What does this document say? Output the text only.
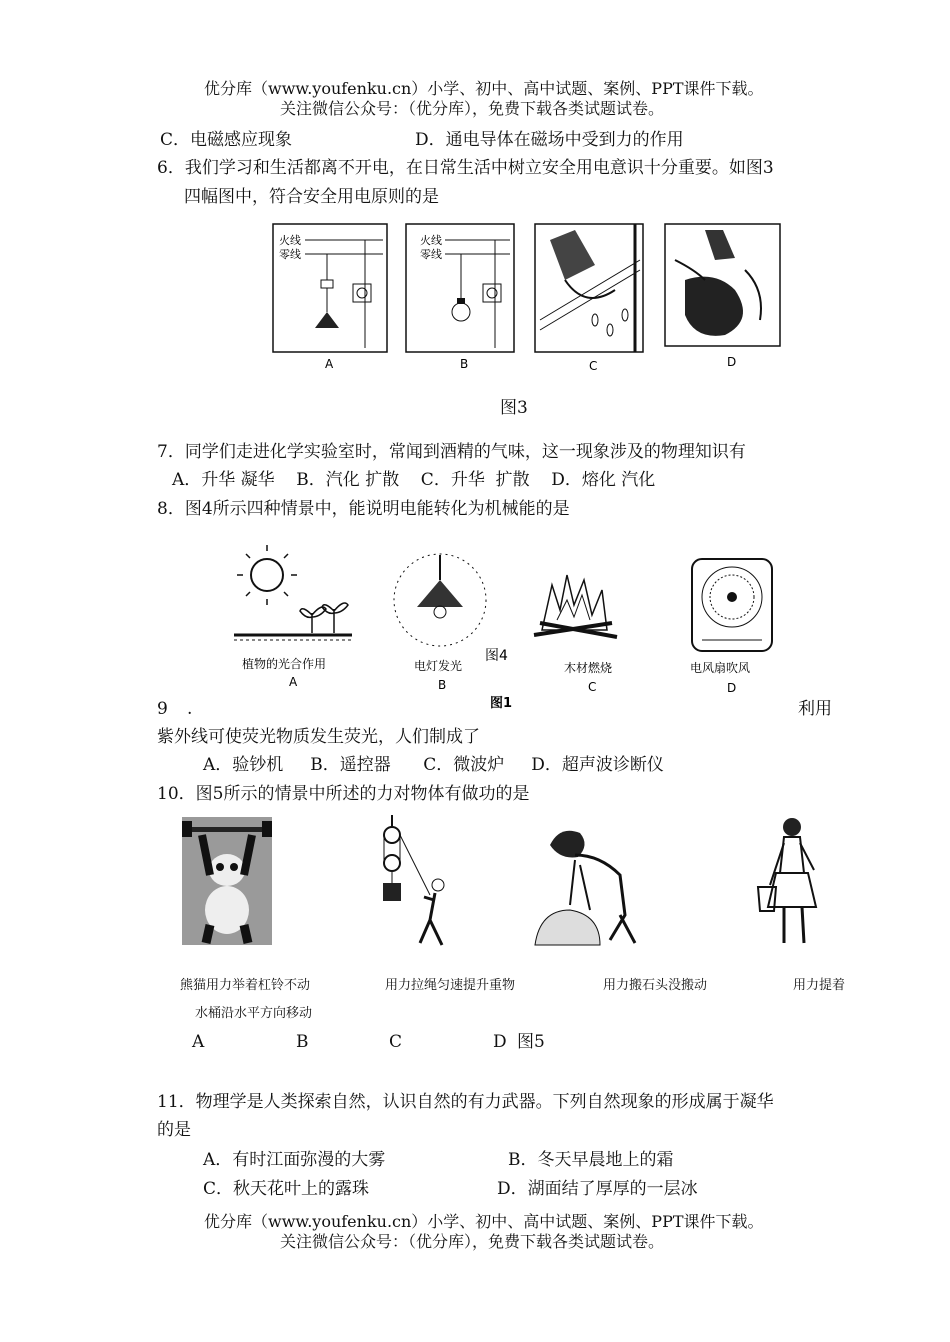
优分库（www.youfenku.cn）小学、初中、高中试题、案例、PPT课件下载。
关注微信公众号：（优分库），免费下载各类试题试卷。
C．电磁感应现象	D．通电导体在磁场中受到力的作用
6．我们学习和生活都离不开电，在日常生活中树立安全用电意识十分重要。如图3
四幅图中，符合安全用电原则的是
火线
零线
A
火线
零线
B	C	D
图3
7．同学们走进化学实验室时，常闻到酒精的气味，这一现象涉及的物理知识有
A．升华 凝华    B．汽化 扩散    C．升华  扩散    D．熔化 汽化
8．图4所示四种情景中，能说明电能转化为机械能的是
植物的光合作用
A
电灯发光
B
木材燃烧
C
电风扇吹风
D
图4
图1
9 .	利用
紫外线可使荧光物质发生荧光，人们制成了
A．验钞机     B．遥控器      C．微波炉     D．超声波诊断仪
10．图5所示的情景中所述的力对物体有做功的是
熊猫用力举着杠铃不动	用力拉绳匀速提升重物	用力搬石头没搬动	用力提着
水桶沿水平方向移动
A	B	C	D 图5
11．物理学是人类探索自然，认识自然的有力武器。下列自然现象的形成属于凝华
的是
A．有时江面弥漫的大雾	B．冬天早晨地上的霜
C．秋天花叶上的露珠	D．湖面结了厚厚的一层冰
优分库（www.youfenku.cn）小学、初中、高中试题、案例、PPT课件下载。
关注微信公众号：（优分库），免费下载各类试题试卷。
